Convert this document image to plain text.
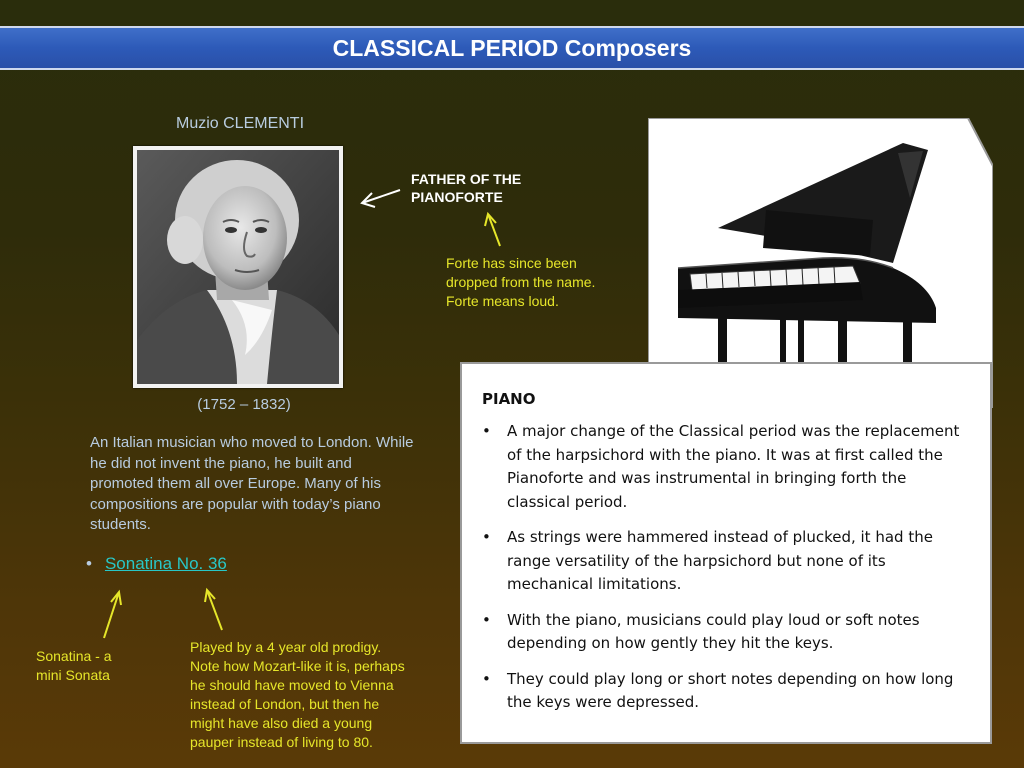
CLASSICAL PERIOD Composers
Muzio CLEMENTI
(1752 – 1832)
An Italian musician who moved to London. While he did not invent the piano, he built and promoted them all over Europe. Many of his compositions are popular with today’s piano students.
• Sonatina No. 36
FATHER OF THE
PIANOFORTE
Forte has since been
dropped from the name.
Forte means loud.
Sonatina - a
mini Sonata
Played by a 4 year old prodigy.
Note how Mozart-like it is, perhaps
he should have moved to Vienna
instead of London, but then he
might have also died a young
pauper instead of living to 80.
PIANO
• A major change of the Classical period was the replacement of the harpsichord with the piano. It was at first called the Pianoforte and was instrumental in bringing forth the classical period.
• As strings were hammered instead of plucked, it had the range versatility of the harpsichord but none of its mechanical limitations.
• With the piano, musicians could play loud or soft notes depending on how gently they hit the keys.
• They could play long or short notes depending on how long the keys were depressed.
